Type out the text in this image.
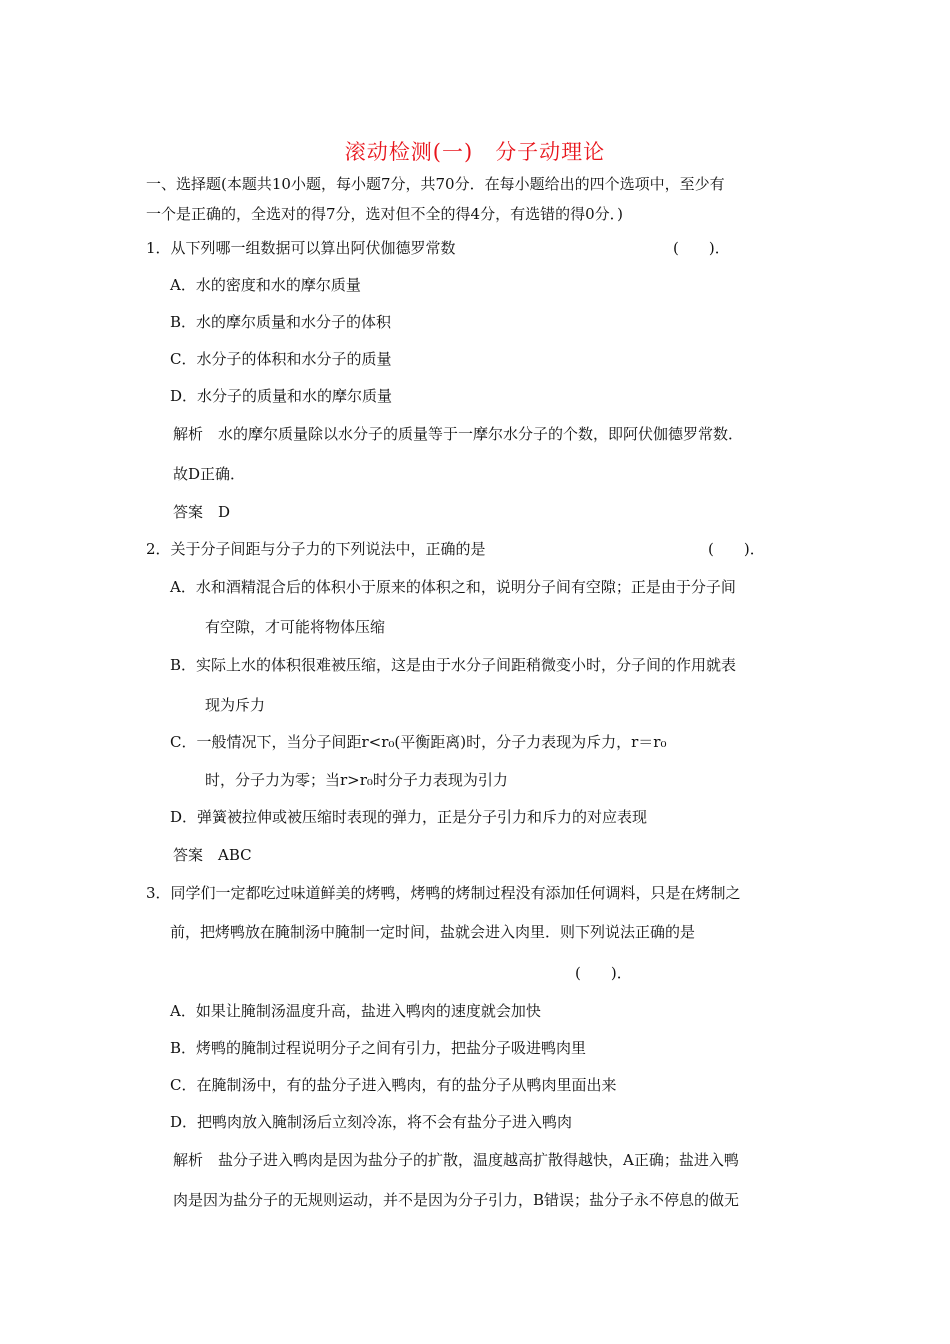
滚动检测(一) 分子动理论
一、选择题(本题共10小题，每小题7分，共70分．在每小题给出的四个选项中，至少有
一个是正确的，全选对的得7分，选对但不全的得4分，有选错的得0分．)
1．从下列哪一组数据可以算出阿伏伽德罗常数	(　　)．
A．水的密度和水的摩尔质量
B．水的摩尔质量和水分子的体积
C．水分子的体积和水分子的质量
D．水分子的质量和水的摩尔质量
解析　水的摩尔质量除以水分子的质量等于一摩尔水分子的个数，即阿伏伽德罗常数．
故D正确．
答案　D
2．关于分子间距与分子力的下列说法中，正确的是	(　　)．
A．水和酒精混合后的体积小于原来的体积之和，说明分子间有空隙；正是由于分子间
有空隙，才可能将物体压缩
B．实际上水的体积很难被压缩，这是由于水分子间距稍微变小时，分子间的作用就表
现为斥力
C．一般情况下，当分子间距r<r₀(平衡距离)时，分子力表现为斥力，r＝r₀
时，分子力为零；当r>r₀时分子力表现为引力
D．弹簧被拉伸或被压缩时表现的弹力，正是分子引力和斥力的对应表现
答案　ABC
3．同学们一定都吃过味道鲜美的烤鸭，烤鸭的烤制过程没有添加任何调料，只是在烤制之
前，把烤鸭放在腌制汤中腌制一定时间，盐就会进入肉里．则下列说法正确的是
(　　)．
A．如果让腌制汤温度升高，盐进入鸭肉的速度就会加快
B．烤鸭的腌制过程说明分子之间有引力，把盐分子吸进鸭肉里
C．在腌制汤中，有的盐分子进入鸭肉，有的盐分子从鸭肉里面出来
D．把鸭肉放入腌制汤后立刻冷冻，将不会有盐分子进入鸭肉
解析　盐分子进入鸭肉是因为盐分子的扩散，温度越高扩散得越快，A正确；盐进入鸭
肉是因为盐分子的无规则运动，并不是因为分子引力，B错误；盐分子永不停息的做无
